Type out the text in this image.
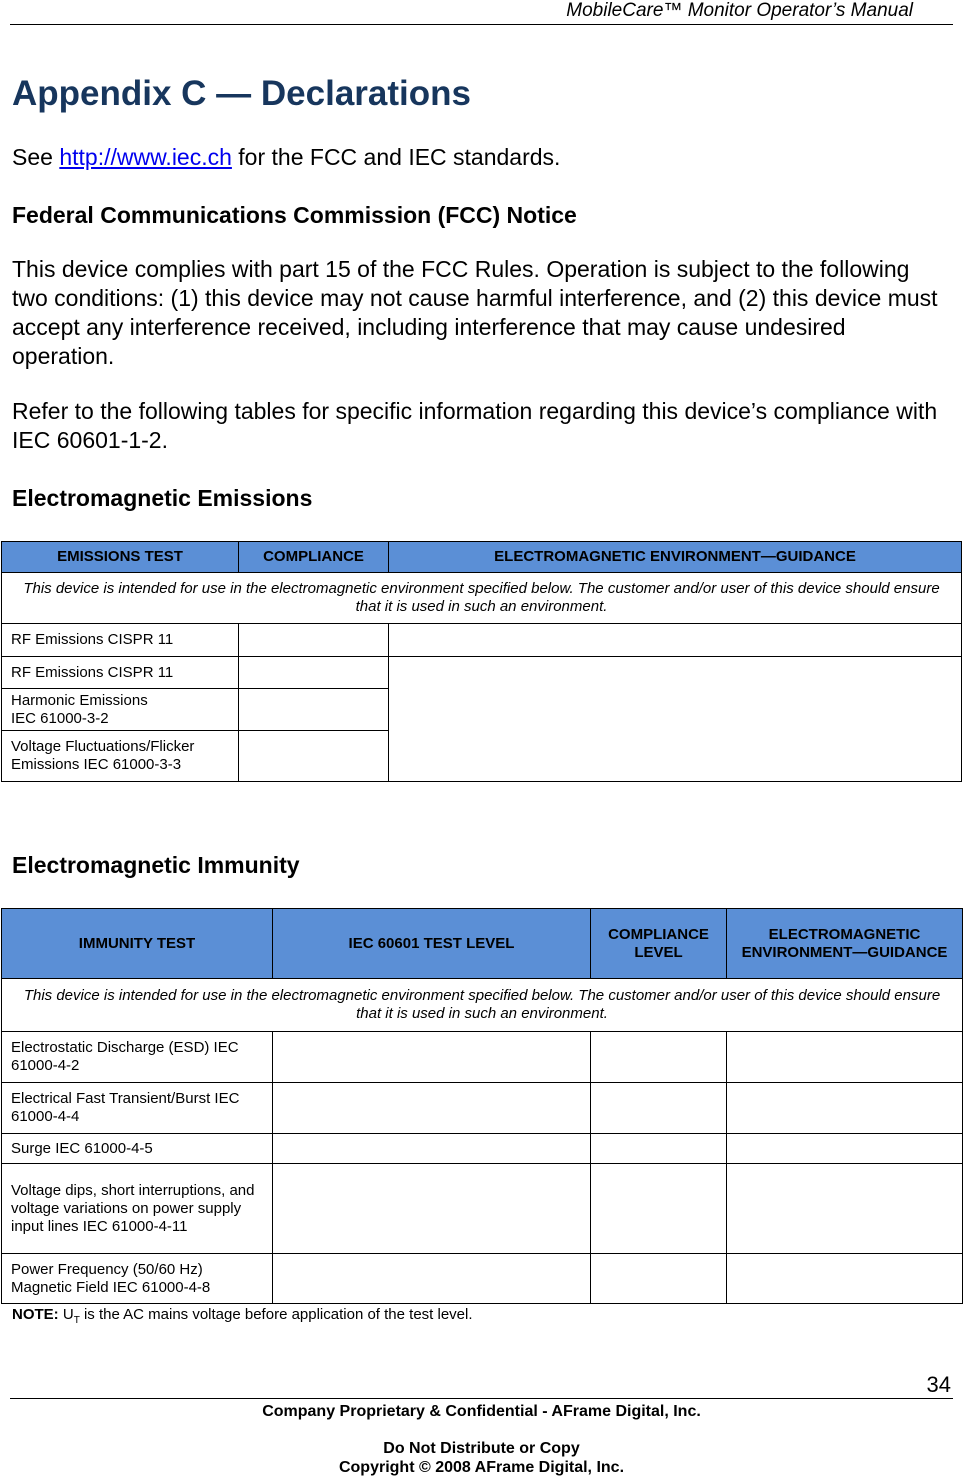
MobileCare™ Monitor Operator’s Manual
Appendix C — Declarations

See http://www.iec.ch for the FCC and IEC standards.

Federal Communications Commission (FCC) Notice

This device complies with part 15 of the FCC Rules. Operation is subject to the following two conditions: (1) this device may not cause harmful interference, and (2) this device must accept any interference received, including interference that may cause undesired operation.

Refer to the following tables for specific information regarding this device’s compliance with IEC 60601-1-2.

Electromagnetic Emissions
EMISSIONS TEST	COMPLIANCE	ELECTROMAGNETIC ENVIRONMENT—GUIDANCE
This device is intended for use in the electromagnetic environment specified below. The customer and/or user of this device should ensure that it is used in such an environment.		
RF Emissions CISPR 11		
RF Emissions CISPR 11		
Harmonic Emissions
IEC 61000-3-2		
Voltage Fluctuations/Flicker Emissions IEC 61000-3-3		
Electromagnetic Immunity
IMMUNITY TEST	IEC 60601 TEST LEVEL	COMPLIANCE LEVEL	ELECTROMAGNETIC ENVIRONMENT—GUIDANCE
This device is intended for use in the electromagnetic environment specified below. The customer and/or user of this device should ensure that it is used in such an environment.			
Electrostatic Discharge (ESD) IEC 61000-4-2			
Electrical Fast Transient/Burst IEC 61000-4-4			
Surge IEC 61000-4-5			
Voltage dips, short interruptions, and voltage variations on power supply input lines IEC 61000-4-11			
Power Frequency (50/60 Hz) Magnetic Field IEC 61000-4-8			
NOTE: $U_T$ is the AC mains voltage before application of the test level.
34
Company Proprietary & Confidential - AFrame Digital, Inc.
Do Not Distribute or Copy
Copyright © 2008 AFrame Digital, Inc.
